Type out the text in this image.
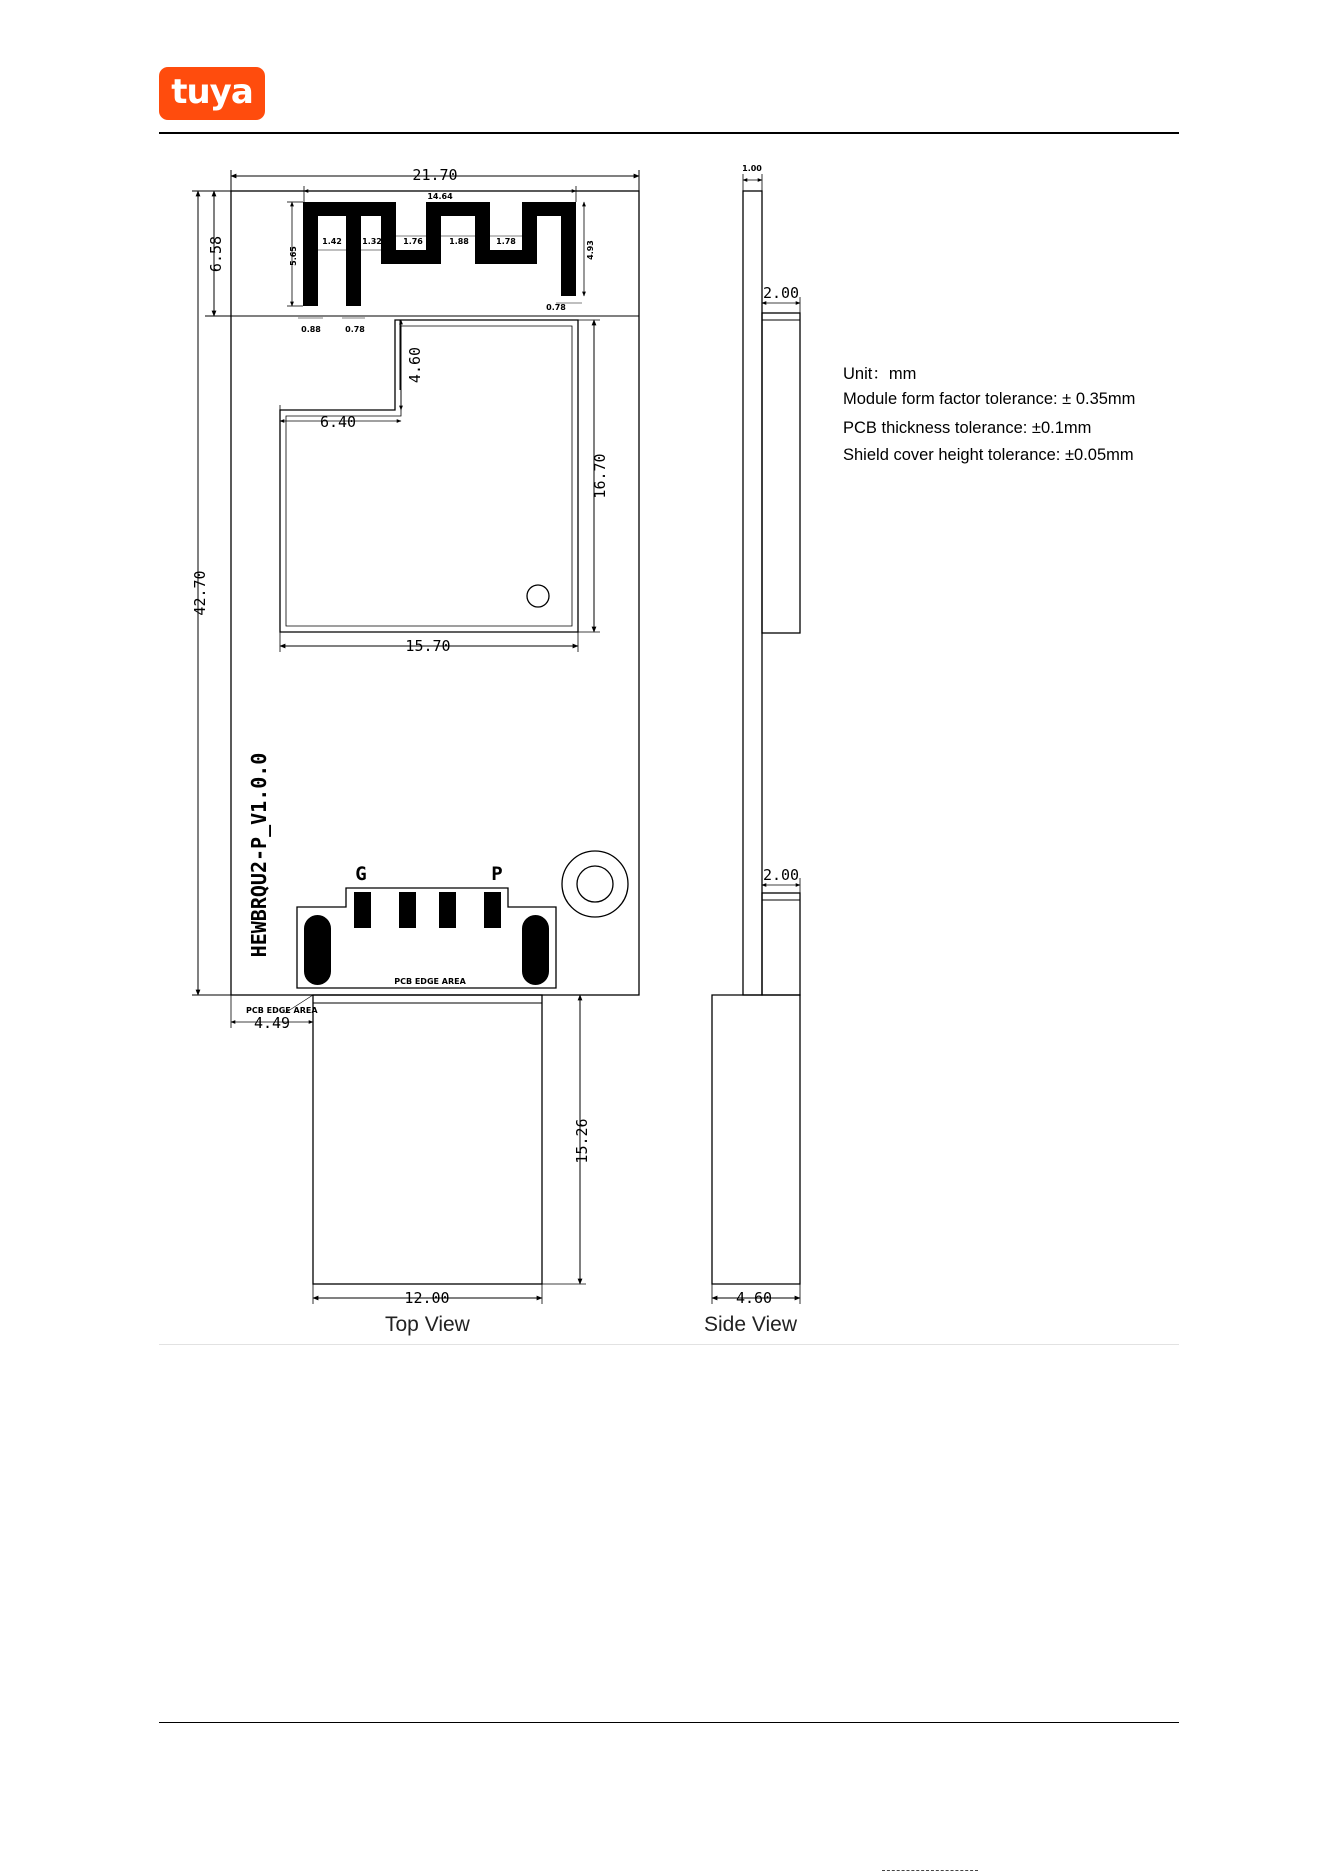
tuya
21.70
14.64
42.70
6.58	5.65	4.93
1.42	1.32	1.76	1.88	1.78
0.88	0.78
0.78
4.60
6.40
16.70
15.70
HEWBRQU2-P_V1.0.0	G	P
PCB EDGE AREA
PCB EDGE AREA
4.49
15.26
12.00
1.00
2.00
2.00
4.60
Unit：mm
Module form factor tolerance: ± 0.35mm
PCB thickness tolerance: ±0.1mm
Shield cover height tolerance: ±0.05mm
Top View	Side View
